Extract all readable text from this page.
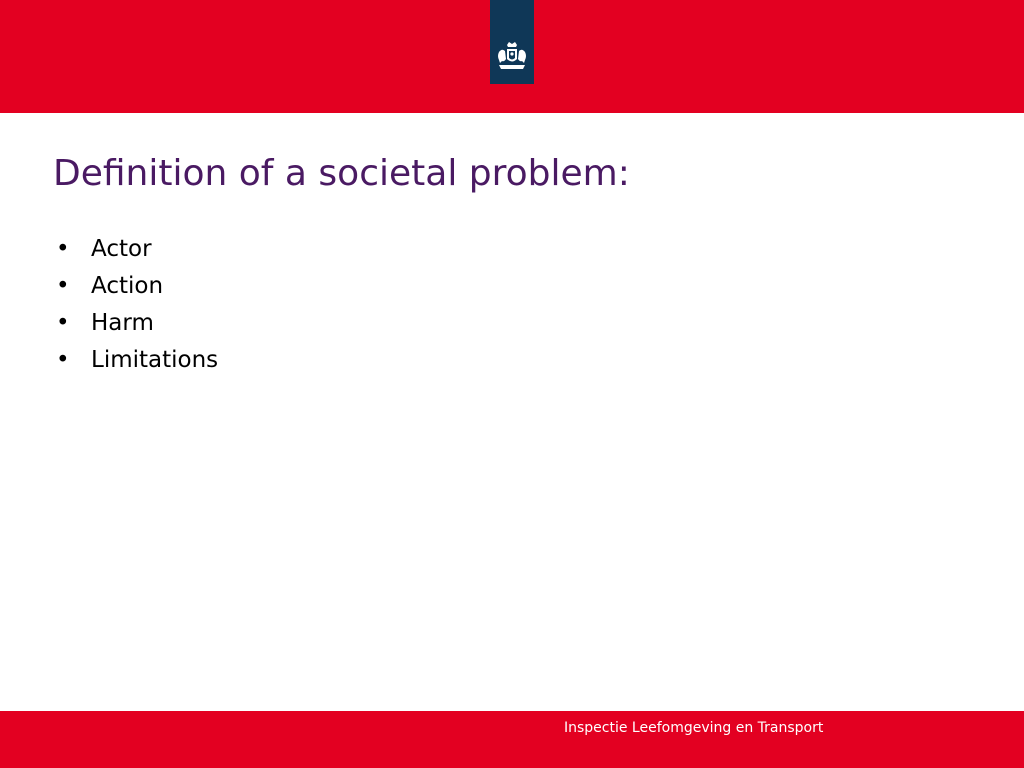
Definition of a societal problem:
• Actor
• Action
• Harm
• Limitations
Inspectie Leefomgeving en Transport
